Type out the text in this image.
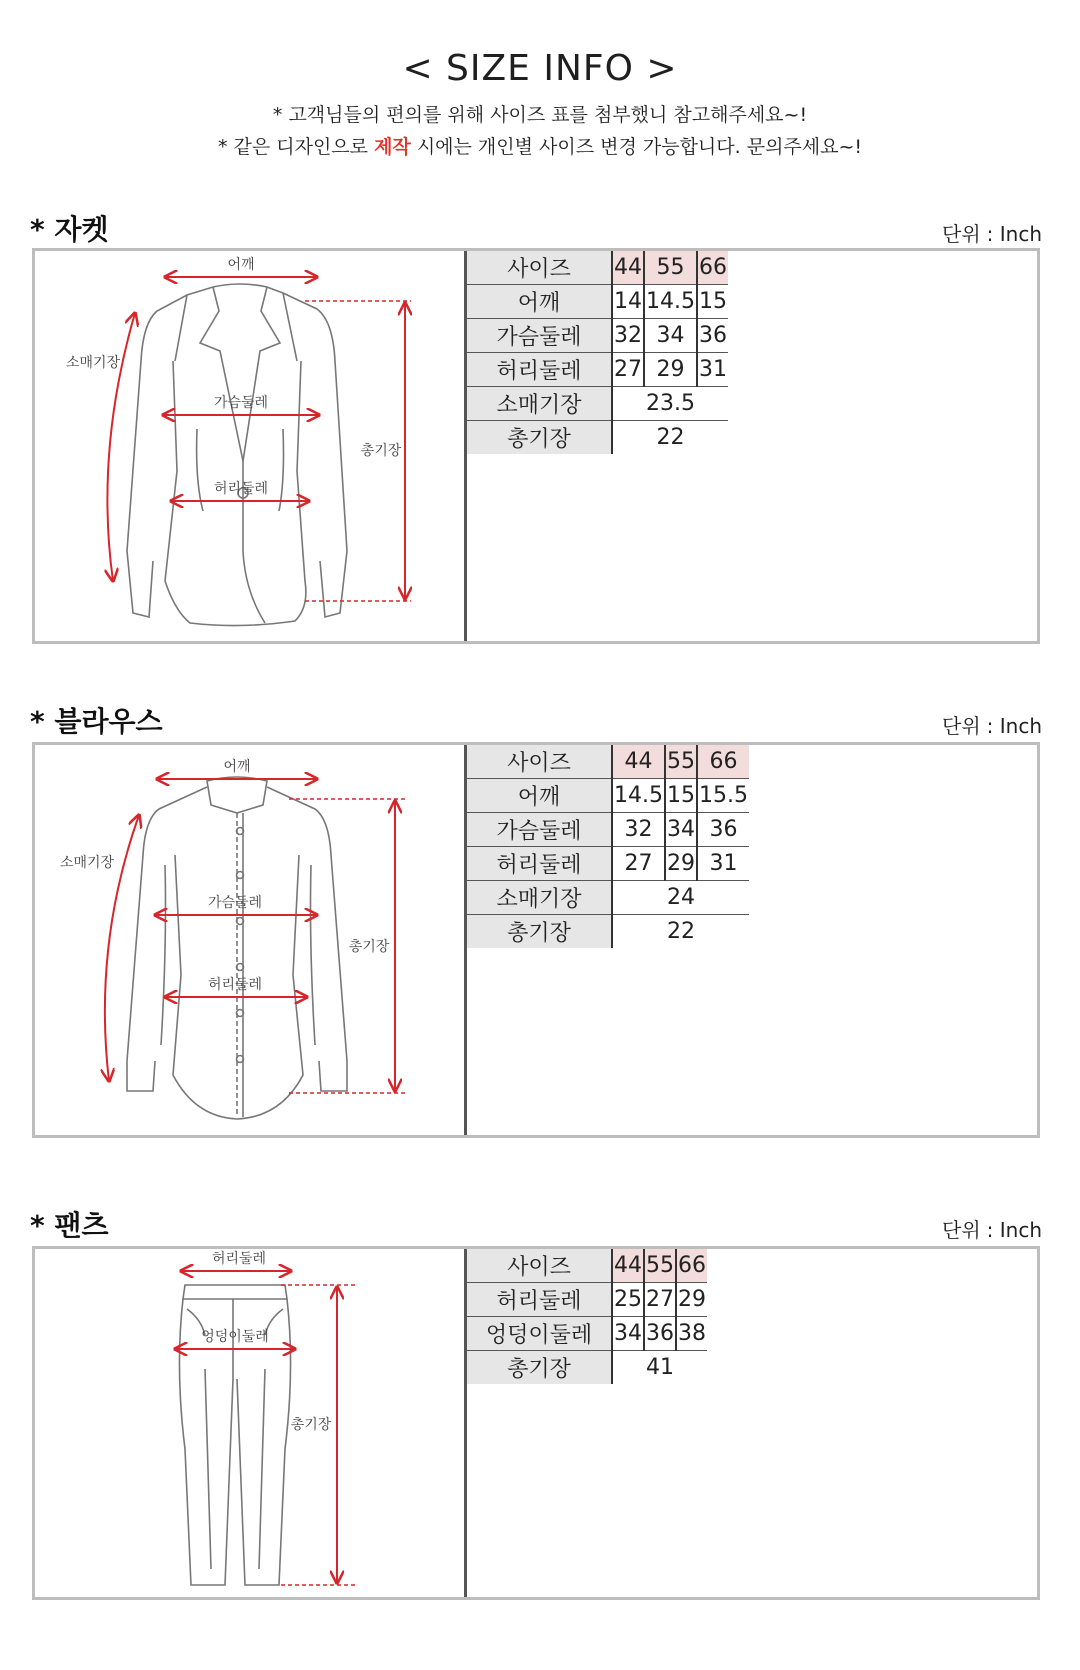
< SIZE INFO >
* 고객님들의 편의를 위해 사이즈 표를 첨부했니 참고해주세요~!
* 같은 디자인으로 제작 시에는 개인별 사이즈 변경 가능합니다. 문의주세요~!
* 자켓	단위 : Inch
어깨
소매기장
가슴둘레
허리둘레
총기장
사이즈	44	55	66
어깨	14	14.5	15
가슴둘레	32	34	36
허리둘레	27	29	31
소매기장	23.5		
총기장	22		
* 블라우스	단위 : Inch
어깨
소매기장
가슴둘레
허리둘레
총기장
사이즈	44	55	66
어깨	14.5	15	15.5
가슴둘레	32	34	36
허리둘레	27	29	31
소매기장	24		
총기장	22		
* 팬츠	단위 : Inch
허리둘레
엉덩이둘레
총기장
사이즈	44	55	66
허리둘레	25	27	29
엉덩이둘레	34	36	38
총기장	41		
